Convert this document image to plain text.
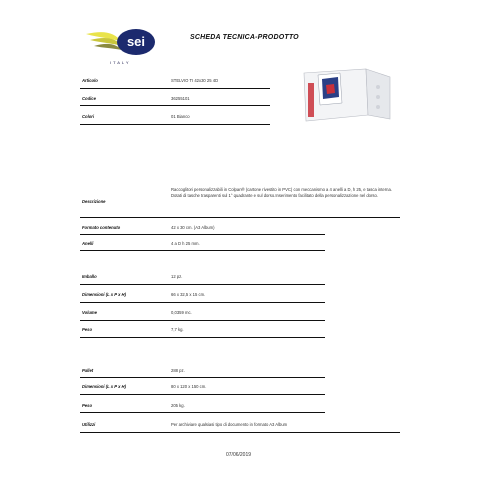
sei
ITALY
SCHEDA TECNICA-PRODOTTO
Articolo	STELVIO TI 42x30 25 4D
Codice	36255101
Colori	01 Bianco
Descrizione
Raccoglitori personalizzabili in Colpan® (cartone rivestito in PVC) con meccanismo a 4 anelli a D, h 25, e tasca interna. Dotati di tasche trasparenti sul 1° quadrante e sul dorso.Inserimento facilitato della personalizzazione nel dorso.
Formato contenuto	42 x 30 cm. (A3 Album)
Anelli	4 a D h 25 mm.
Imballo	12 pz.
Dimensioni (L x P x H)	66 x 32,5 x 15 cm.
Volume	0,0359 mc.
Peso	7,7 kg.
Pallet	288 pz.
Dimensioni (L x P x H)	80 x 120 x 150 cm.
Peso	205 kg.
Utilizzi	Per archiviare qualsiasi tipo di documento in formato A3 Album
07/06/2019
